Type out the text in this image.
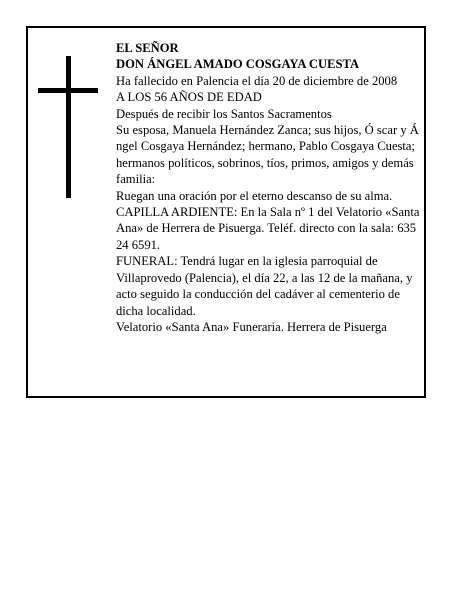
EL SEÑOR
DON ÁNGEL AMADO COSGAYA CUESTA
Ha fallecido en Palencia el día 20 de diciembre de 2008
A LOS 56 AÑOS DE EDAD
Después de recibir los Santos Sacramentos
Su esposa, Manuela Hernández Zanca; sus hijos, Ó scar y Á ngel Cosgaya Hernández; hermano, Pablo Cosgaya Cuesta; hermanos políticos, sobrinos, tíos, primos, amigos y demás familia:
Ruegan una oración por el eterno descanso de su alma.
CAPILLA ARDIENTE: En la Sala nº 1 del Velatorio «Santa Ana» de Herrera de Pisuerga. Teléf. directo con la sala: 635 24 6591.
FUNERAL: Tendrá lugar en la iglesia parroquial de Villaprovedo (Palencia), el día 22, a las 12 de la mañana, y acto seguido la conducción del cadáver al cementerio de dicha localidad.
Velatorio «Santa Ana» Funeraria. Herrera de Pisuerga
